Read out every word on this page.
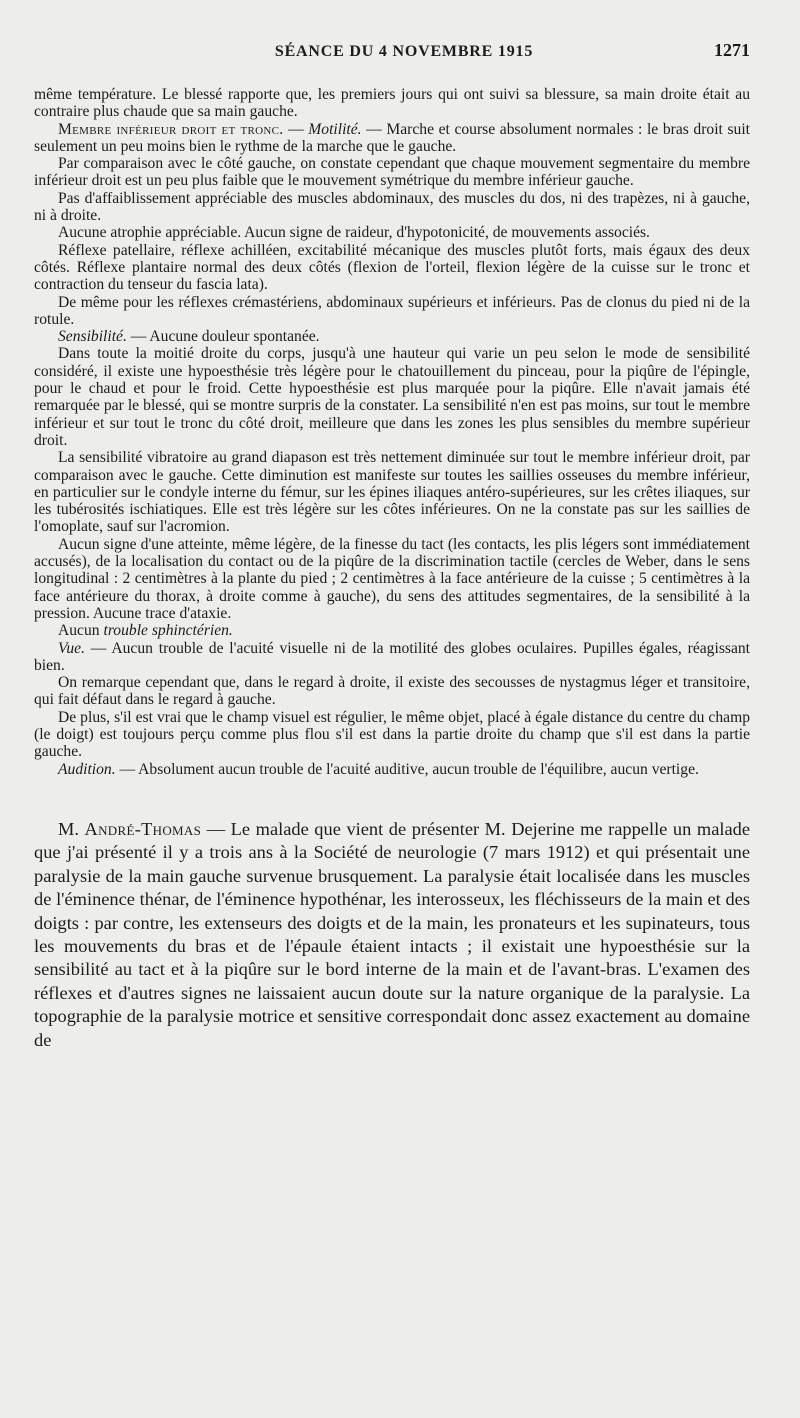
SÉANCE DU 4 NOVEMBRE 1915	1271

même température. Le blessé rapporte que, les premiers jours qui ont suivi sa blessure, sa main droite était au contraire plus chaude que sa main gauche.

Membre inférieur droit et tronc. — Motilité. — Marche et course absolument normales : le bras droit suit seulement un peu moins bien le rythme de la marche que le gauche.

Par comparaison avec le côté gauche, on constate cependant que chaque mouvement segmentaire du membre inférieur droit est un peu plus faible que le mouvement symétrique du membre inférieur gauche.

Pas d'affaiblissement appréciable des muscles abdominaux, des muscles du dos, ni des trapèzes, ni à gauche, ni à droite.

Aucune atrophie appréciable. Aucun signe de raideur, d'hypotonicité, de mouvements associés.

Réflexe patellaire, réflexe achilléen, excitabilité mécanique des muscles plutôt forts, mais égaux des deux côtés. Réflexe plantaire normal des deux côtés (flexion de l'orteil, flexion légère de la cuisse sur le tronc et contraction du tenseur du fascia lata).

De même pour les réflexes crémastériens, abdominaux supérieurs et inférieurs. Pas de clonus du pied ni de la rotule.

Sensibilité. — Aucune douleur spontanée.

Dans toute la moitié droite du corps, jusqu'à une hauteur qui varie un peu selon le mode de sensibilité considéré, il existe une hypoesthésie très légère pour le chatouillement du pinceau, pour la piqûre de l'épingle, pour le chaud et pour le froid. Cette hypoesthésie est plus marquée pour la piqûre. Elle n'avait jamais été remarquée par le blessé, qui se montre surpris de la constater. La sensibilité n'en est pas moins, sur tout le membre inférieur et sur tout le tronc du côté droit, meilleure que dans les zones les plus sensibles du membre supérieur droit.

La sensibilité vibratoire au grand diapason est très nettement diminuée sur tout le membre inférieur droit, par comparaison avec le gauche. Cette diminution est manifeste sur toutes les saillies osseuses du membre inférieur, en particulier sur le condyle interne du fémur, sur les épines iliaques antéro-supérieures, sur les crêtes iliaques, sur les tubérosités ischiatiques. Elle est très légère sur les côtes inférieures. On ne la constate pas sur les saillies de l'omoplate, sauf sur l'acromion.

Aucun signe d'une atteinte, même légère, de la finesse du tact (les contacts, les plis légers sont immédiatement accusés), de la localisation du contact ou de la piqûre de la discrimination tactile (cercles de Weber, dans le sens longitudinal : 2 centimètres à la plante du pied ; 2 centimètres à la face antérieure de la cuisse ; 5 centimètres à la face antérieure du thorax, à droite comme à gauche), du sens des attitudes segmentaires, de la sensibilité à la pression. Aucune trace d'ataxie.

Aucun trouble sphinctérien.

Vue. — Aucun trouble de l'acuité visuelle ni de la motilité des globes oculaires. Pupilles égales, réagissant bien.

On remarque cependant que, dans le regard à droite, il existe des secousses de nystagmus léger et transitoire, qui fait défaut dans le regard à gauche.

De plus, s'il est vrai que le champ visuel est régulier, le même objet, placé à égale distance du centre du champ (le doigt) est toujours perçu comme plus flou s'il est dans la partie droite du champ que s'il est dans la partie gauche.

Audition. — Absolument aucun trouble de l'acuité auditive, aucun trouble de l'équilibre, aucun vertige.

M. André-Thomas — Le malade que vient de présenter M. Dejerine me rappelle un malade que j'ai présenté il y a trois ans à la Société de neurologie (7 mars 1912) et qui présentait une paralysie de la main gauche survenue brusquement. La paralysie était localisée dans les muscles de l'éminence thénar, de l'éminence hypothénar, les interosseux, les fléchisseurs de la main et des doigts : par contre, les extenseurs des doigts et de la main, les pronateurs et les supinateurs, tous les mouvements du bras et de l'épaule étaient intacts ; il existait une hypoesthésie sur la sensibilité au tact et à la piqûre sur le bord interne de la main et de l'avant-bras. L'examen des réflexes et d'autres signes ne laissaient aucun doute sur la nature organique de la paralysie. La topographie de la paralysie motrice et sensitive correspondait donc assez exactement au domaine de
